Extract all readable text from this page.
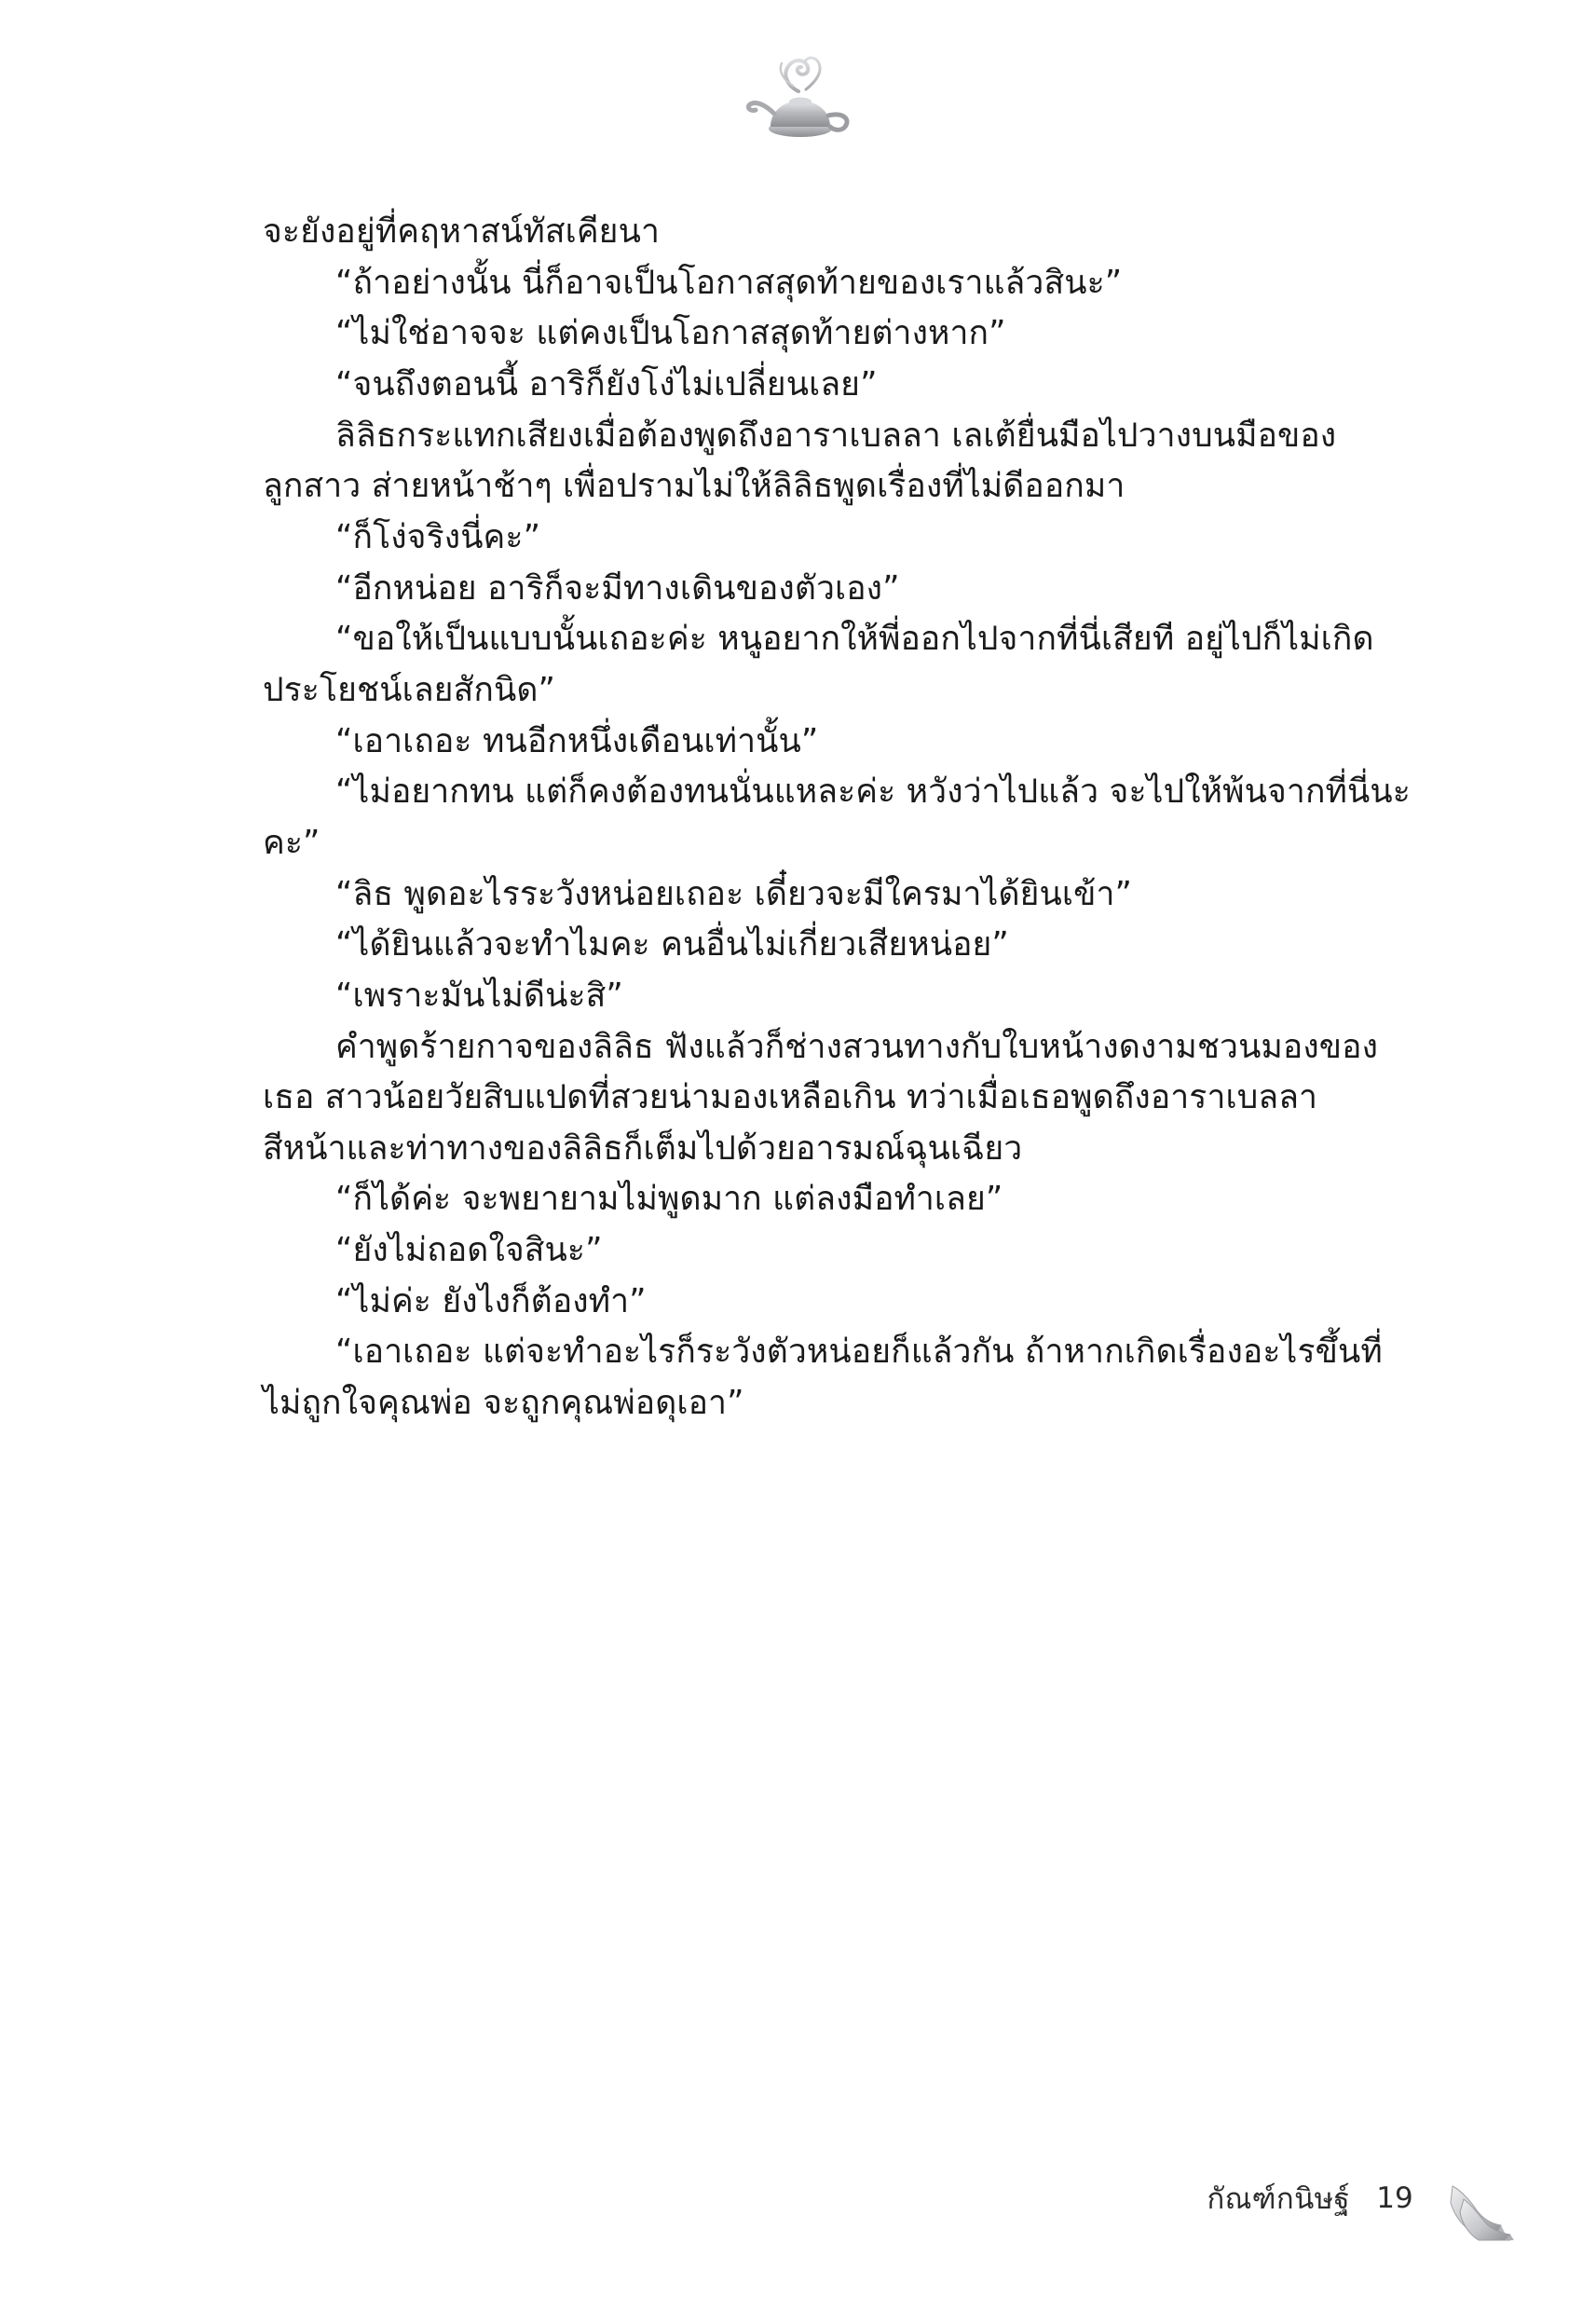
จะยังอยู่ที่คฤหาสน์ทัสเคียนา

“ถ้าอย่างนั้น นี่ก็อาจเป็นโอกาสสุดท้ายของเราแล้วสินะ”

“ไม่ใช่อาจจะ แต่คงเป็นโอกาสสุดท้ายต่างหาก”

“จนถึงตอนนี้ อาริก็ยังโง่ไม่เปลี่ยนเลย”

ลิลิธกระแทกเสียงเมื่อต้องพูดถึงอาราเบลลา เลเต้ยื่นมือไปวางบนมือของลูกสาว ส่ายหน้าช้าๆ เพื่อปรามไม่ให้ลิลิธพูดเรื่องที่ไม่ดีออกมา

“ก็โง่จริงนี่คะ”

“อีกหน่อย อาริก็จะมีทางเดินของตัวเอง”

“ขอให้เป็นแบบนั้นเถอะค่ะ หนูอยากให้พี่ออกไปจากที่นี่เสียที อยู่ไปก็ไม่เกิดประโยชน์เลยสักนิด”

“เอาเถอะ ทนอีกหนึ่งเดือนเท่านั้น”

“ไม่อยากทน แต่ก็คงต้องทนนั่นแหละค่ะ หวังว่าไปแล้ว จะไปให้พ้นจากที่นี่นะคะ”

“ลิธ พูดอะไรระวังหน่อยเถอะ เดี๋ยวจะมีใครมาได้ยินเข้า”

“ได้ยินแล้วจะทำไมคะ คนอื่นไม่เกี่ยวเสียหน่อย”

“เพราะมันไม่ดีน่ะสิ”

คำพูดร้ายกาจของลิลิธ ฟังแล้วก็ช่างสวนทางกับใบหน้างดงามชวนมองของเธอ สาวน้อยวัยสิบแปดที่สวยน่ามองเหลือเกิน ทว่าเมื่อเธอพูดถึงอาราเบลลา สีหน้าและท่าทางของลิลิธก็เต็มไปด้วยอารมณ์ฉุนเฉียว

“ก็ได้ค่ะ จะพยายามไม่พูดมาก แต่ลงมือทำเลย”

“ยังไม่ถอดใจสินะ”

“ไม่ค่ะ ยังไงก็ต้องทำ”

“เอาเถอะ แต่จะทำอะไรก็ระวังตัวหน่อยก็แล้วกัน ถ้าหากเกิดเรื่องอะไรขึ้นที่ไม่ถูกใจคุณพ่อ จะถูกคุณพ่อดุเอา”

กัณฑ์กนิษฐ์ 19
